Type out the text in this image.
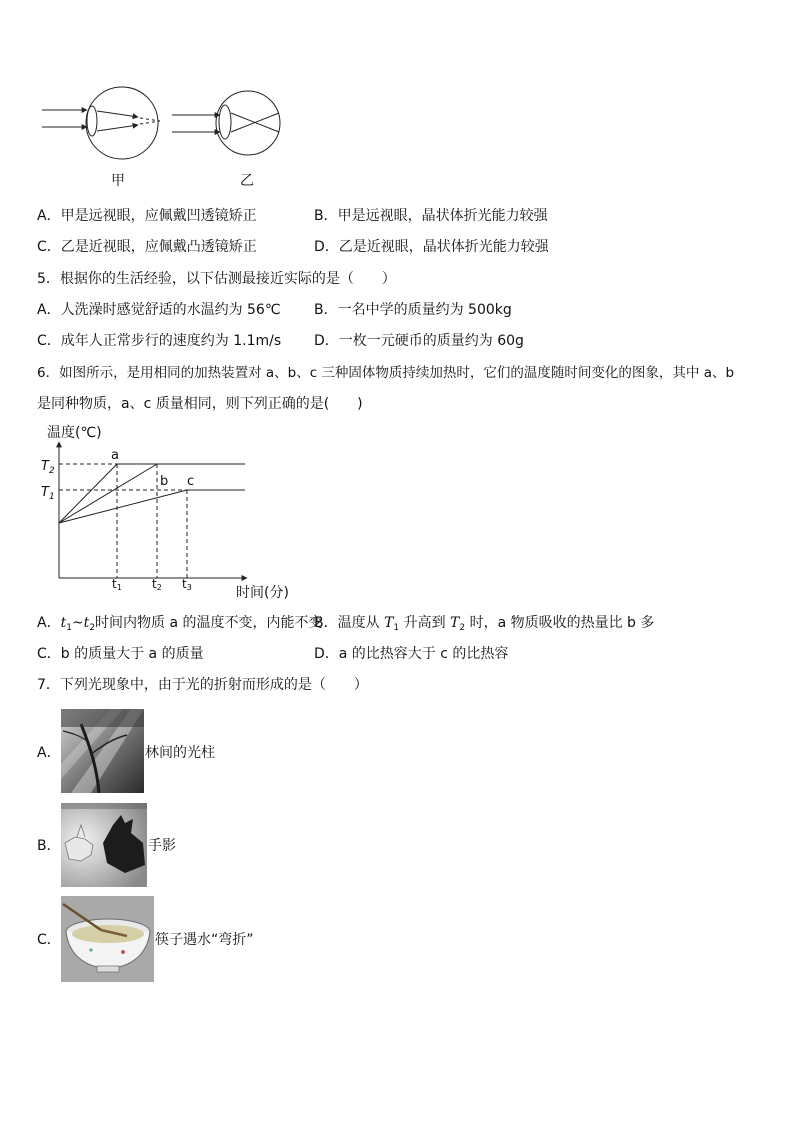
甲	乙
A．甲是远视眼，应佩戴凹透镜矫正	B．甲是远视眼，晶状体折光能力较强
C．乙是近视眼，应佩戴凸透镜矫正	D．乙是近视眼，晶状体折光能力较强
5．根据你的生活经验，以下估测最接近实际的是（　　）
A．人洗澡时感觉舒适的水温约为 56℃ B．一名中学的质量约为 500kg
C．成年人正常步行的速度约为 1.1m/s D．一枚一元硬币的质量约为 60g
6．如图所示，是用相同的加热装置对 a、b、c 三种固体物质持续加热时，它们的温度随时间变化的图象，其中 a、b
是同种物质，a、c 质量相同，则下列正确的是(　　)
温度(℃)
时间(分)
$T_2$
$T_1$
t1	t2 t3
a
b c
A．$t_1\sim t_2$时间内物质 a 的温度不变，内能不变
B．温度从 $T_1$ 升高到 $T_2$ 时，a 物质吸收的热量比 b 多
C．b 的质量大于 a 的质量	D．a 的比热容大于 c 的比热容
7．下列光现象中，由于光的折射而形成的是（　　）
A．	林间的光柱
B．	手影
C．	筷子遇水“弯折”
